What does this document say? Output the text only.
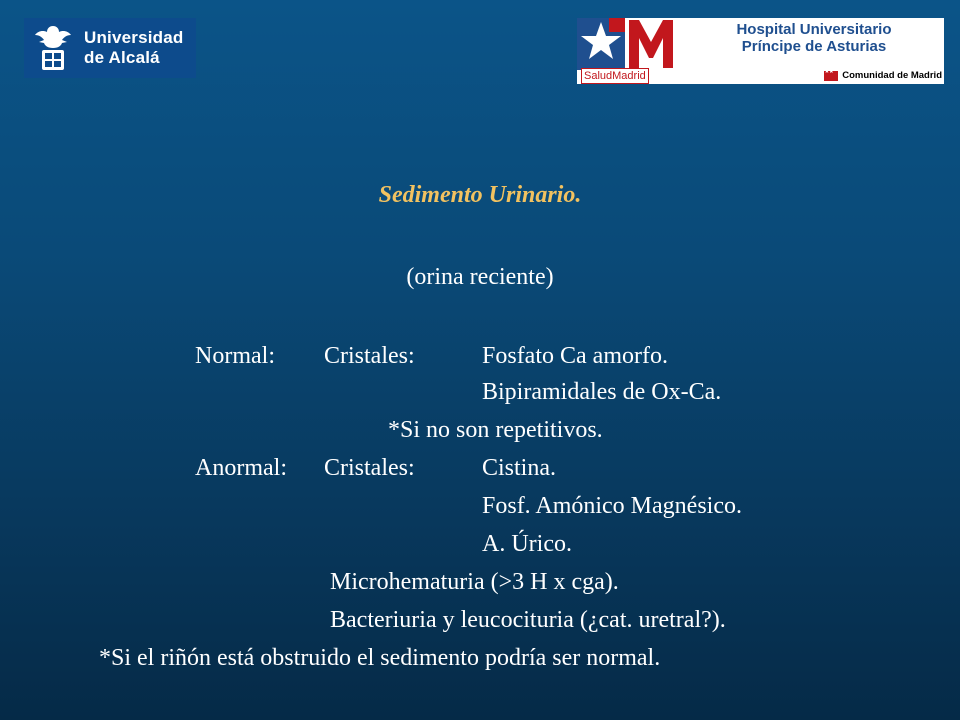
Universidad
de Alcalá
SaludMadrid
Hospital Universitario
Príncipe de Asturias
★★
Comunidad de Madrid
Sedimento Urinario.
(orina reciente)
Normal: Cristales:	Fosfato Ca amorfo.
Bipiramidales de Ox-Ca.
*Si no son repetitivos.
Anormal: Cristales:	Cistina.
Fosf. Amónico Magnésico.
A. Úrico.
Microhematuria (>3 H x cga).
Bacteriuria y leucocituria (¿cat. uretral?).
*Si el riñón está obstruido el sedimento podría ser normal.
